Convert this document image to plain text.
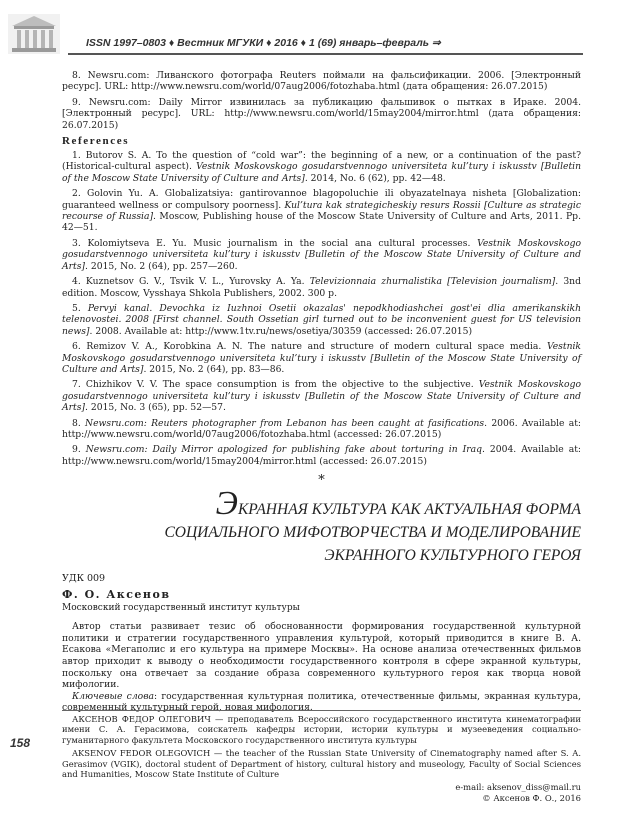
ISSN 1997–0803 ♦ Вестник МГУКИ ♦ 2016 ♦ 1 (69) январь–февраль ⇒

8. Newsru.com: Ливанского фотографа Reuters поймали на фальсификации. 2006. [Электронный ресурс]. URL: http://www.newsru.com/world/07aug2006/fotozhaba.html (дата обращения: 26.07.2015)

9. Newsru.com: Daily Mirror извинилась за публикацию фальшивок о пытках в Ираке. 2004. [Электронный ресурс]. URL: http://www.newsru.com/world/15may2004/mirror.html (дата обращения: 26.07.2015)

References

1. Butorov S. A. To the question of “cold war”: the beginning of a new, or a continuation of the past? (Historical-cultural aspect). Vestnik Moskovskogo gosudarstvennogo universiteta kul’tury i iskusstv [Bulletin of the Moscow State University of Culture and Arts]. 2014, No. 6 (62), pp. 42—48.

2. Golovin Yu. A. Globalizatsiya: gantirovannoe blagopoluchie ili obyazatelnaya nisheta [Globalization: guaranteed wellness or compulsory poorness]. Kul’tura kak strategicheskiy resurs Rossii [Culture as strategic recourse of Russia]. Moscow, Publishing house of the Moscow State University of Culture and Arts, 2011. Pp. 42—51.

3. Kolomiytseva E. Yu. Music journalism in the social ana cultural processes. Vestnik Moskovskogo gosudarstvennogo universiteta kul’tury i iskusstv [Bulletin of the Moscow State University of Culture and Arts]. 2015, No. 2 (64), pp. 257—260.

4. Kuznetsov G. V., Tsvik V. L., Yurovsky A. Ya. Televizionnaia zhurnalistika [Television journalism]. 3nd edition. Moscow, Vysshaya Shkola Publishers, 2002. 300 p.

5. Pervyi kanal. Devochka iz Iuzhnoi Osetii okazalas' nepodkhodiashchei gost'ei dlia amerikanskikh telenovostei. 2008 [First channel. South Ossetian girl turned out to be inconvenient guest for US television news]. 2008. Available at: http://www.1tv.ru/news/osetiya/30359 (accessed: 26.07.2015)

6. Remizov V. A., Korobkina A. N. The nature and structure of modern cultural space media. Vestnik Moskovskogo gosudarstvennogo universiteta kul’tury i iskusstv [Bulletin of the Moscow State University of Culture and Arts]. 2015, No. 2 (64), pp. 83—86.

7. Chizhikov V. V. The space consumption is from the objective to the subjective. Vestnik Moskovskogo gosudarstvennogo universiteta kul’tury i iskusstv [Bulletin of the Moscow State University of Culture and Arts]. 2015, No. 3 (65), pp. 52—57.

8. Newsru.com: Reuters photographer from Lebanon has been caught at fasifications. 2006. Available at: http://www.newsru.com/world/07aug2006/fotozhaba.html (accessed: 26.07.2015)

9. Newsru.com: Daily Mirror apologized for publishing fake about torturing in Iraq. 2004. Available at: http://www.newsru.com/world/15may2004/mirror.html (accessed: 26.07.2015)

*
ЭКРАННАЯ КУЛЬТУРА КАК АКТУАЛЬНАЯ ФОРМА
СОЦИАЛЬНОГО МИФОТВОРЧЕСТВА И МОДЕЛИРОВАНИЕ
ЭКРАННОГО КУЛЬТУРНОГО ГЕРОЯ
УДК 009
Ф. О. Аксенов
Московский государственный институт культуры

Автор статьи развивает тезис об обоснованности формирования государственной культурной политики и стратегии государственного управления культурой, который приводится в книге В. А. Есакова «Мегаполис и его культура на примере Москвы». На основе анализа отечественных фильмов автор приходит к выводу о необходимости государственного контроля в сфере экранной культуры, поскольку она отвечает за создание образа современного культурного героя как творца новой мифологии.

Ключевые слова: государственная культурная политика, отечественные фильмы, экранная культура, современный культурный герой, новая мифология.

158

АКСЕНОВ ФЕДОР ОЛЕГОВИЧ — преподаватель Всероссийского государственного института кинематографии имени С. А. Герасимова, соискатель кафедры истории, истории культуры и музееведения социально-гуманитарного факультета Московского государственного института культуры

AKSENOV FEDOR OLEGOVICH — the teacher of the Russian State University of Cinematography named after S. A. Gerasimov (VGIK), doctoral student of Department of history, cultural history and museology, Faculty of Social Sciences and Humanities, Moscow State Institute of Culture

e-mail: aksenov_diss@mail.ru

© Аксенов Ф. О., 2016
